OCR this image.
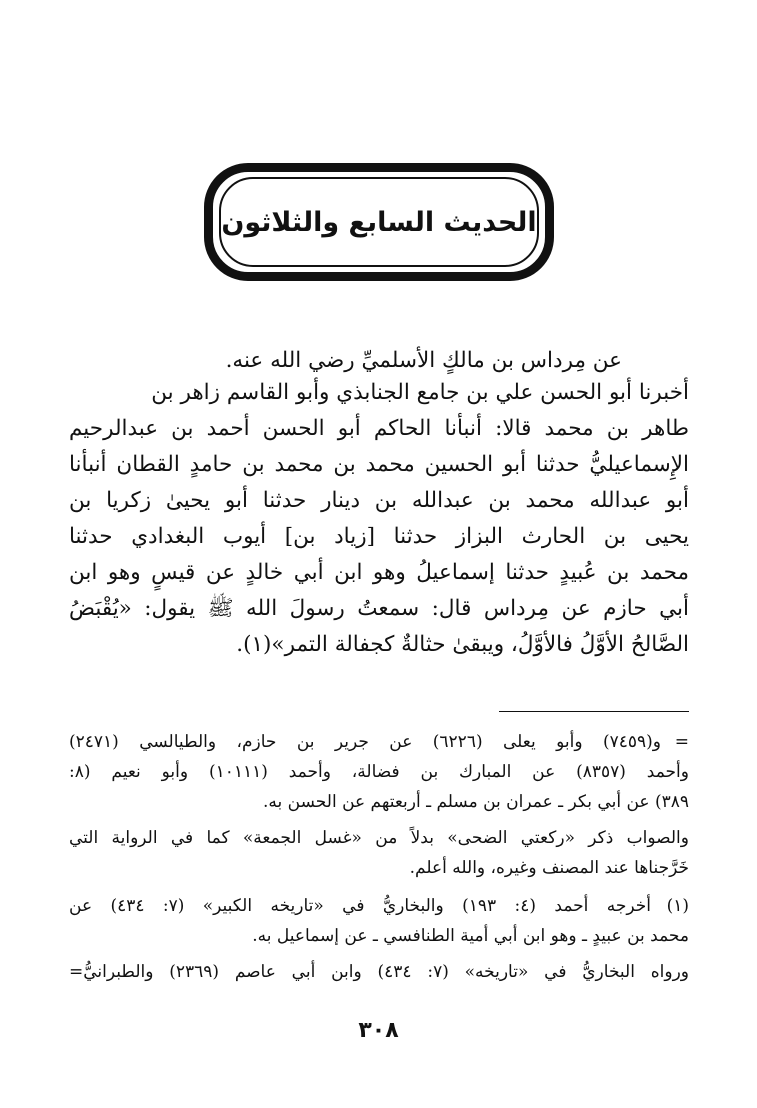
الحديث السابع والثلاثون
عن مِرداس بن مالكٍ الأسلميِّ رضي الله عنه.
أخبرنا أبو الحسن علي بن جامع الجنابذي وأبو القاسم زاهر بن
طاهر بن محمد قالا: أنبأنا الحاكم أبو الحسن أحمد بن عبدالرحيم
الإِسماعيليُّ حدثنا أبو الحسين محمد بن محمد بن حامدٍ القطان أنبأنا
أبو عبدالله محمد بن عبدالله بن دينار حدثنا أبو يحيىٰ زكريا بن
يحيى بن الحارث البزاز حدثنا [زياد بن] أيوب البغدادي حدثنا
محمد بن عُبيدٍ حدثنا إسماعيلُ وهو ابن أبي خالدٍ عن قيسٍ وهو ابن
أبي حازم عن مِرداس قال: سمعتُ رسولَ الله ﷺ يقول: «يُقْبَضُ
الصَّالحُ الأوَّلُ فالأوَّلُ، ويبقىٰ حثالةٌ كجفالة التمر»(١).
=
و(٧٤٥٩) وأبو يعلى (٦٢٢٦) عن جرير بن حازم، والطيالسي (٢٤٧١)
وأحمد (٨٣٥٧) عن المبارك بن فضالة، وأحمد (١٠١١١) وأبو نعيم (٨:
٣٨٩) عن أبي بكر ـ عمران بن مسلم ـ أربعتهم عن الحسن به.
والصواب ذكر «ركعتي الضحى» بدلاً من «غسل الجمعة» كما في الرواية التي
خَرَّجناها عند المصنف وغيره، والله أعلم.
(١)
أخرجه أحمد (٤: ١٩٣) والبخاريُّ في «تاريخه الكبير» (٧: ٤٣٤) عن
محمد بن عبيدٍ ـ وهو ابن أبي أمية الطنافسي ـ عن إسماعيل به.
ورواه البخاريُّ في «تاريخه» (٧: ٤٣٤) وابن أبي عاصم (٢٣٦٩) والطبرانيُّ=
٣٠٨
